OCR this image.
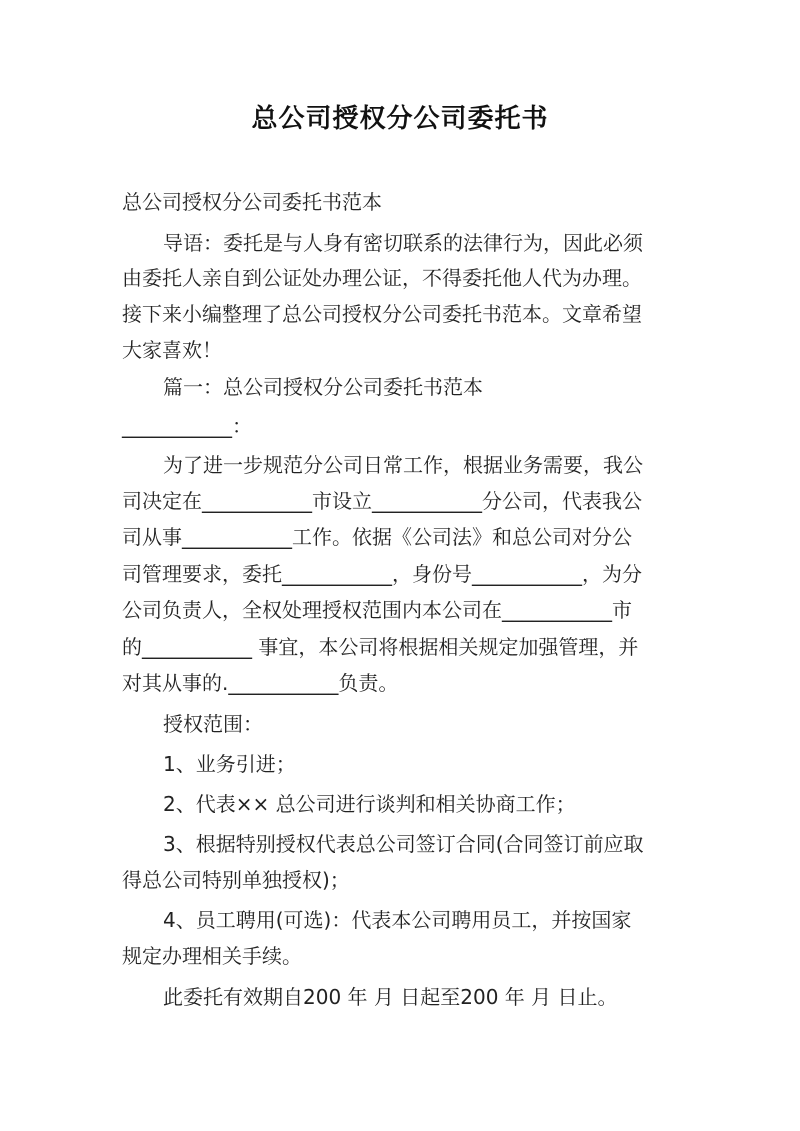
总公司授权分公司委托书
总公司授权分公司委托书范本
导语：委托是与人身有密切联系的法律行为，因此必须
由委托人亲自到公证处办理公证，不得委托他人代为办理。
接下来小编整理了总公司授权分公司委托书范本。文章希望
大家喜欢！
篇一：总公司授权分公司委托书范本
___________：
为了进一步规范分公司日常工作，根据业务需要，我公
司决定在___________市设立___________分公司，代表我公
司从事___________工作。依据《公司法》和总公司对分公
司管理要求，委托___________，身份号___________，为分
公司负责人，全权处理授权范围内本公司在___________市
的___________ 事宜，本公司将根据相关规定加强管理，并
对其从事的.___________负责。
授权范围：
1、业务引进；
2、代表×× 总公司进行谈判和相关协商工作；
3、根据特别授权代表总公司签订合同(合同签订前应取
得总公司特别单独授权)；
4、员工聘用(可选)：代表本公司聘用员工，并按国家
规定办理相关手续。
此委托有效期自200 年 月 日起至200 年 月 日止。
